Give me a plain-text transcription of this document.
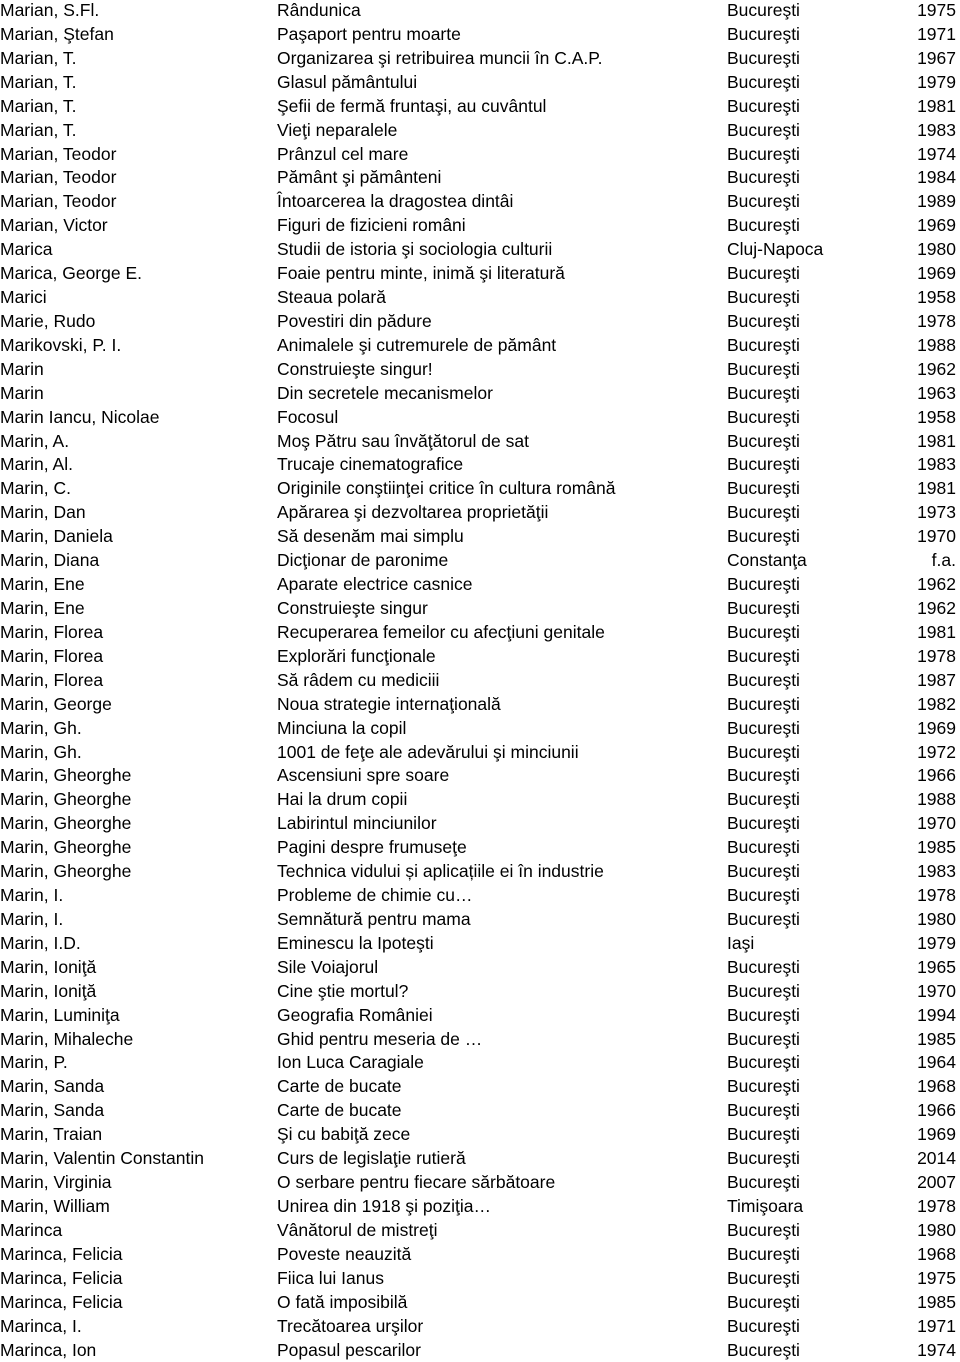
Marian, S.Fl.	Rândunica	Bucureşti	1975
Marian, Ştefan	Paşaport pentru moarte	Bucureşti	1971
Marian, T.	Organizarea şi retribuirea muncii în C.A.P.	Bucureşti	1967
Marian, T.	Glasul pământului	Bucureşti	1979
Marian, T.	Şefii de fermă fruntaşi, au cuvântul	Bucureşti	1981
Marian, T.	Vieţi neparalele	Bucureşti	1983
Marian, Teodor	Prânzul cel mare	Bucureşti	1974
Marian, Teodor	Pământ şi pământeni	Bucureşti	1984
Marian, Teodor	Întoarcerea la dragostea dintâi	Bucureşti	1989
Marian, Victor	Figuri de fizicieni români	Bucureşti	1969
Marica	Studii de istoria şi sociologia culturii	Cluj-Napoca	1980
Marica, George E.	Foaie pentru minte, inimă şi literatură	Bucureşti	1969
Marici	Steaua polară	Bucureşti	1958
Marie, Rudo	Povestiri din pădure	Bucureşti	1978
Marikovski, P. I.	Animalele şi cutremurele de pământ	Bucureşti	1988
Marin	Construieşte singur!	Bucureşti	1962
Marin	Din secretele mecanismelor	Bucureşti	1963
Marin Iancu, Nicolae	Focosul	Bucureşti	1958
Marin, A.	Moş Pătru sau învăţătorul de sat	Bucureşti	1981
Marin, Al.	Trucaje cinematografice	Bucureşti	1983
Marin, C.	Originile conştiinţei critice în cultura română	Bucureşti	1981
Marin, Dan	Apărarea şi dezvoltarea proprietăţii	Bucureşti	1973
Marin, Daniela	Să desenăm mai simplu	Bucureşti	1970
Marin, Diana	Dicţionar de paronime	Constanţa	f.a.
Marin, Ene	Aparate electrice casnice	Bucureşti	1962
Marin, Ene	Construieşte singur	Bucureşti	1962
Marin, Florea	Recuperarea femeilor cu afecţiuni genitale	Bucureşti	1981
Marin, Florea	Explorări funcţionale	Bucureşti	1978
Marin, Florea	Să râdem cu mediciii	Bucureşti	1987
Marin, George	Noua strategie internaţională	Bucureşti	1982
Marin, Gh.	Minciuna la copil	Bucureşti	1969
Marin, Gh.	1001 de feţe ale adevărului şi minciunii	Bucureşti	1972
Marin, Gheorghe	Ascensiuni spre soare	Bucureşti	1966
Marin, Gheorghe	Hai la drum copii	Bucureşti	1988
Marin, Gheorghe	Labirintul minciunilor	Bucureşti	1970
Marin, Gheorghe	Pagini despre frumuseţe	Bucureşti	1985
Marin, Gheorghe	Technica vidului și aplicațiile ei în industrie	Bucureşti	1983
Marin, I.	Probleme de chimie cu…	Bucureşti	1978
Marin, I.	Semnătură pentru mama	Bucureşti	1980
Marin, I.D.	Eminescu la Ipoteşti	Iaşi	1979
Marin, Ioniţă	Sile Voiajorul	Bucureşti	1965
Marin, Ioniţă	Cine ştie mortul?	Bucureşti	1970
Marin, Luminiţa	Geografia României	Bucureşti	1994
Marin, Mihaleche	Ghid pentru meseria de …	Bucureşti	1985
Marin, P.	Ion Luca Caragiale	Bucureşti	1964
Marin, Sanda	Carte de bucate	Bucureşti	1968
Marin, Sanda	Carte de bucate	Bucureşti	1966
Marin, Traian	Şi cu babiţă zece	Bucureşti	1969
Marin, Valentin Constantin	Curs de legislaţie rutieră	Bucureşti	2014
Marin, Virginia	O serbare pentru fiecare sărbătoare	Bucureşti	2007
Marin, William	Unirea din 1918 şi poziţia…	Timişoara	1978
Marinca	Vânătorul de mistreţi	Bucureşti	1980
Marinca, Felicia	Poveste neauzită	Bucureşti	1968
Marinca, Felicia	Fiica lui Ianus	Bucureşti	1975
Marinca, Felicia	O fată imposibilă	Bucureşti	1985
Marinca, I.	Trecătoarea urşilor	Bucureşti	1971
Marinca, Ion	Popasul pescarilor	Bucureşti	1974
